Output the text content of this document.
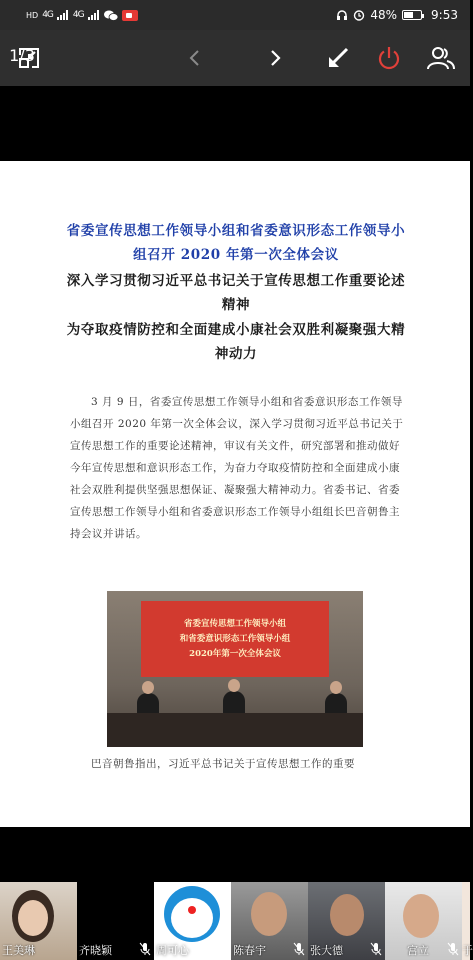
HD 4G 4G	48%	9:53
1/3
省委宣传思想工作领导小组和省委意识形态工作领导小组召开 2020 年第一次全体会议
深入学习贯彻习近平总书记关于宣传思想工作重要论述精神
为夺取疫情防控和全面建成小康社会双胜利凝聚强大精神动力
3 月 9 日，省委宣传思想工作领导小组和省委意识形态工作领导小组召开 2020 年第一次全体会议，深入学习贯彻习近平总书记关于宣传思想工作的重要论述精神，审议有关文件，研究部署和推动做好今年宣传思想和意识形态工作，为奋力夺取疫情防控和全面建成小康社会双胜利提供坚强思想保证、凝聚强大精神动力。省委书记、省委宣传思想工作领导小组和省委意识形态工作领导小组组长巴音朝鲁主持会议并讲话。
省委宣传思想工作领导小组
和省委意识形态工作领导小组
2020年第一次全体会议
巴音朝鲁指出，习近平总书记关于宣传思想工作的重要
王美琳	齐晓颖	周可心	陈春宇	张大德	宫立	于
